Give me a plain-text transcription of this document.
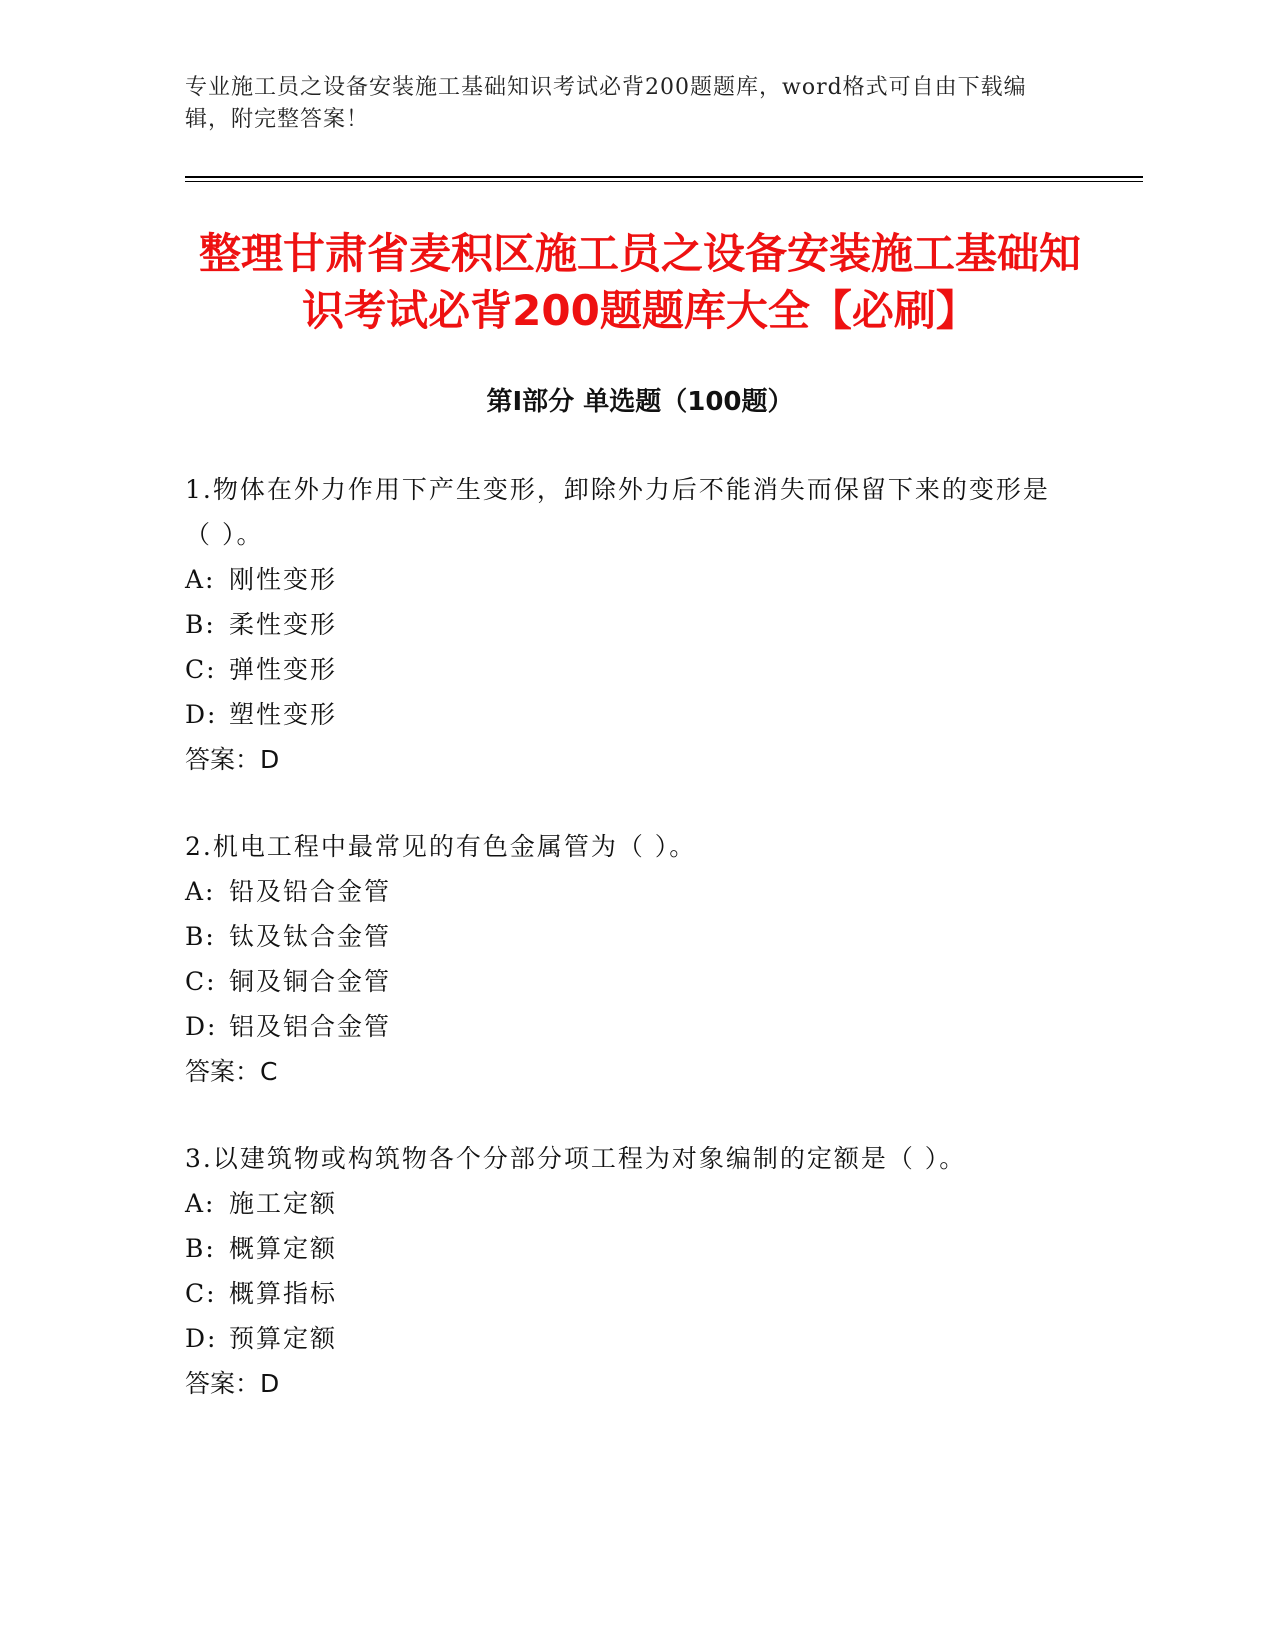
专业施工员之设备安装施工基础知识考试必背200题题库，word格式可自由下载编辑，附完整答案！
整理甘肃省麦积区施工员之设备安装施工基础知识考试必背200题题库大全【必刷】
第Ⅰ部分 单选题（100题）
1.物体在外力作用下产生变形，卸除外力后不能消失而保留下来的变形是（ ）。
A: 刚性变形
B: 柔性变形
C: 弹性变形
D: 塑性变形
答案：D
2.机电工程中最常见的有色金属管为（ ）。
A: 铅及铅合金管
B: 钛及钛合金管
C: 铜及铜合金管
D: 铝及铝合金管
答案：C
3.以建筑物或构筑物各个分部分项工程为对象编制的定额是（ ）。
A: 施工定额
B: 概算定额
C: 概算指标
D: 预算定额
答案：D
